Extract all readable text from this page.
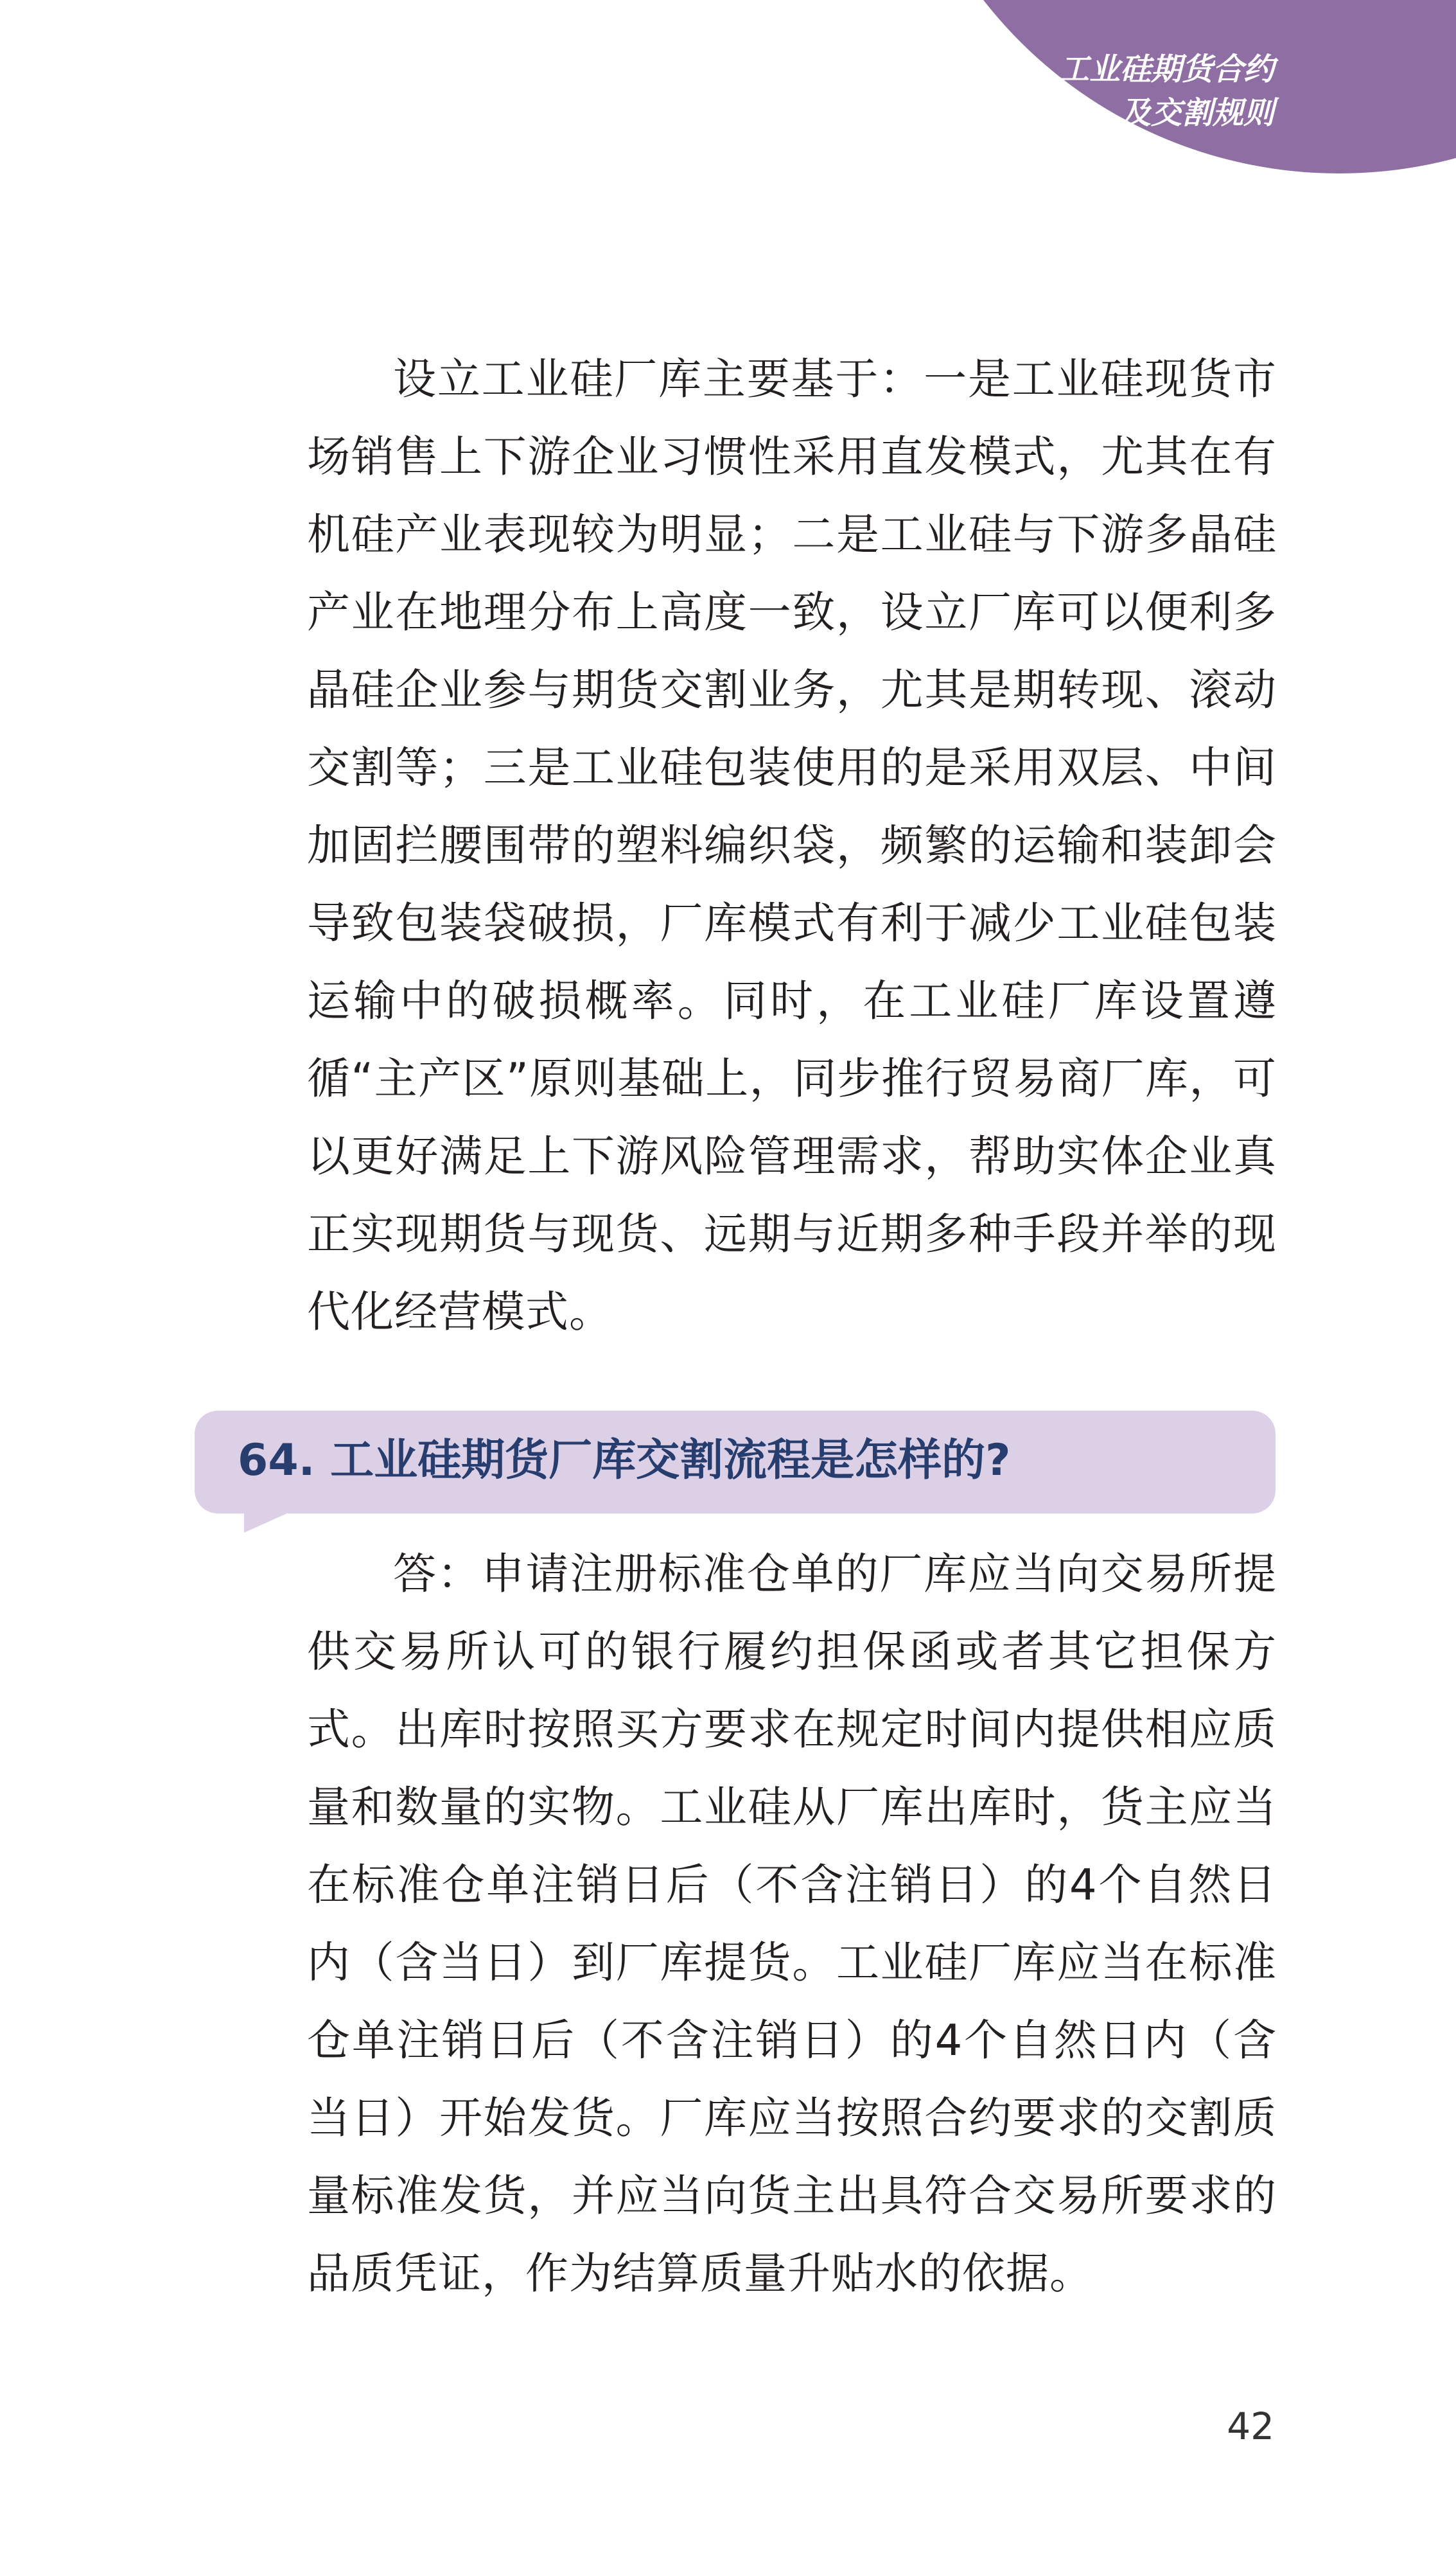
工业硅期货合约
及交割规则

设立工业硅厂库主要基于：一是工业硅现货市场销售上下游企业习惯性采用直发模式，尤其在有机硅产业表现较为明显；二是工业硅与下游多晶硅产业在地理分布上高度一致，设立厂库可以便利多晶硅企业参与期货交割业务，尤其是期转现、滚动交割等；三是工业硅包装使用的是采用双层、中间加固拦腰围带的塑料编织袋，频繁的运输和装卸会导致包装袋破损，厂库模式有利于减少工业硅包装运输中的破损概率。同时，在工业硅厂库设置遵循“主产区”原则基础上，同步推行贸易商厂库，可以更好满足上下游风险管理需求，帮助实体企业真正实现期货与现货、远期与近期多种手段并举的现代化经营模式。

64. 工业硅期货厂库交割流程是怎样的?

答：申请注册标准仓单的厂库应当向交易所提供交易所认可的银行履约担保函或者其它担保方式。出库时按照买方要求在规定时间内提供相应质量和数量的实物。工业硅从厂库出库时，货主应当在标准仓单注销日后（不含注销日）的4个自然日内（含当日）到厂库提货。工业硅厂库应当在标准仓单注销日后（不含注销日）的4个自然日内（含当日）开始发货。厂库应当按照合约要求的交割质量标准发货，并应当向货主出具符合交易所要求的品质凭证，作为结算质量升贴水的依据。

42
